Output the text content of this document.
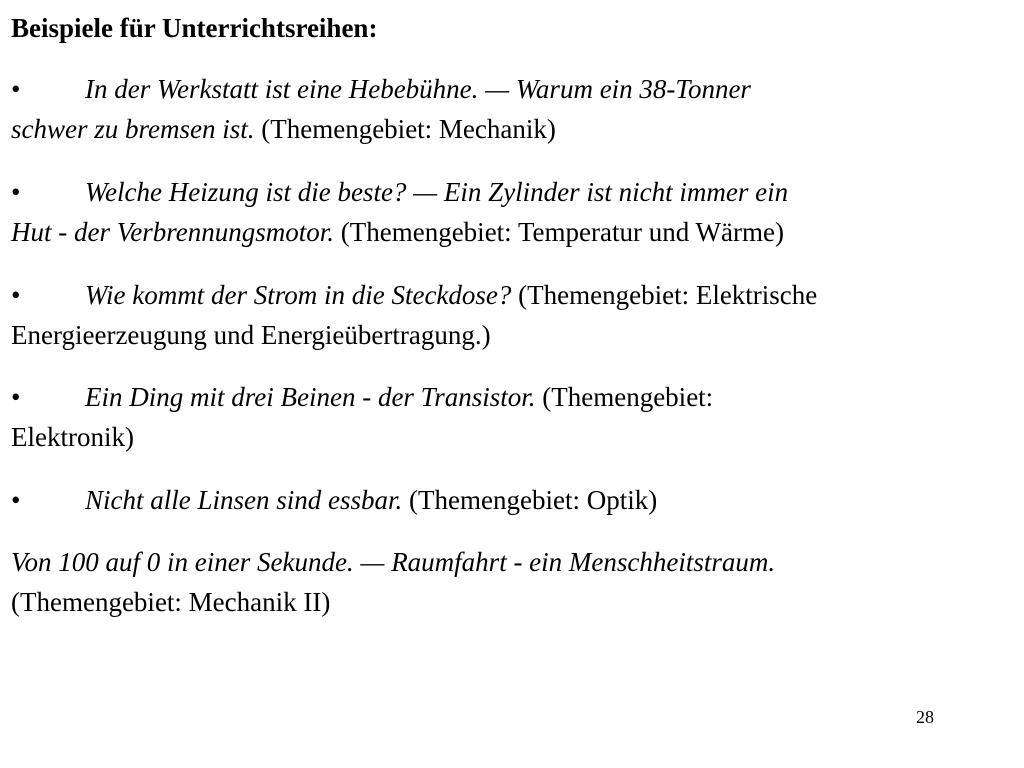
Beispiele für Unterrichtsreihen:
• In der Werkstatt ist eine Hebebühne. — Warum ein 38-Tonner
schwer zu bremsen ist. (Themengebiet: Mechanik)
• Welche Heizung ist die beste? — Ein Zylinder ist nicht immer ein
Hut - der Verbrennungsmotor. (Themengebiet: Temperatur und Wärme)
• Wie kommt der Strom in die Steckdose? (Themengebiet: Elektrische
Energieerzeugung und Energieübertragung.)
• Ein Ding mit drei Beinen - der Transistor. (Themengebiet:
Elektronik)
• Nicht alle Linsen sind essbar. (Themengebiet: Optik)
Von 100 auf 0 in einer Sekunde. — Raumfahrt - ein Menschheitstraum.
(Themengebiet: Mechanik II)
28
